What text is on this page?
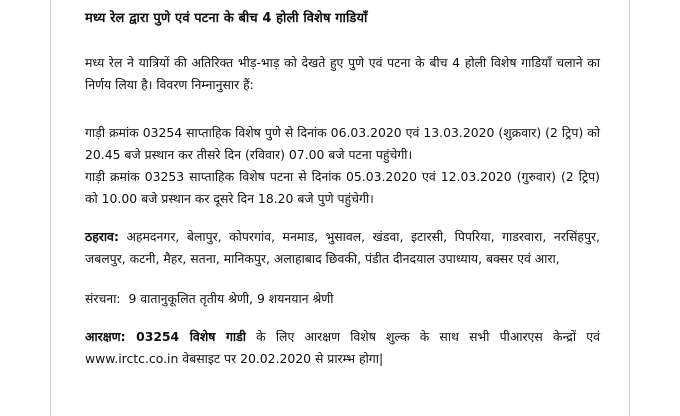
मध्य रेल द्वारा पुणे एवं पटना के बीच 4 होली विशेष गाडियाँ

मध्य रेल ने यात्रियों की अतिरिक्त भीड़-भाड़ को देखते हुए पुणे एवं पटना के बीच 4 होली विशेष गाडियाँ चलाने का निर्णय लिया है। विवरण निम्नानुसार हैं:

गाड़ी क्रमांक 03254 साप्ताहिक विशेष पुणे से दिनांक 06.03.2020 एवं 13.03.2020 (शुक्रवार) (2 ट्रिप) को 20.45 बजे प्रस्थान कर तीसरे दिन (रविवार) 07.00 बजे पटना पहुंचेगी।
गाड़ी क्रमांक 03253 साप्ताहिक विशेष पटना से दिनांक 05.03.2020 एवं 12.03.2020 (गुरुवार) (2 ट्रिप) को 10.00 बजे प्रस्थान कर दूसरे दिन 18.20 बजे पुणे पहुंचेगी।

ठहराव: अहमदनगर, बेलापुर, कोपरगांव, मनमाड, भुसावल, खंडवा, इटारसी, पिपरिया, गाडरवारा, नरसिंहपुर, जबलपुर, कटनी, मैहर, सतना, मानिकपुर, अलाहाबाद छिवकी, पंडीत दीनदयाल उपाध्याय, बक्सर एवं आरा,

संरचना: 9 वातानुकूलित तृतीय श्रेणी, 9 शयनयान श्रेणी

आरक्षण: 03254 विशेष गाडी के लिए आरक्षण विशेष शुल्क के साथ सभी पीआरएस केन्द्रों एवं www.irctc.co.in वेबसाइट पर 20.02.2020 से प्रारम्भ होगा|
